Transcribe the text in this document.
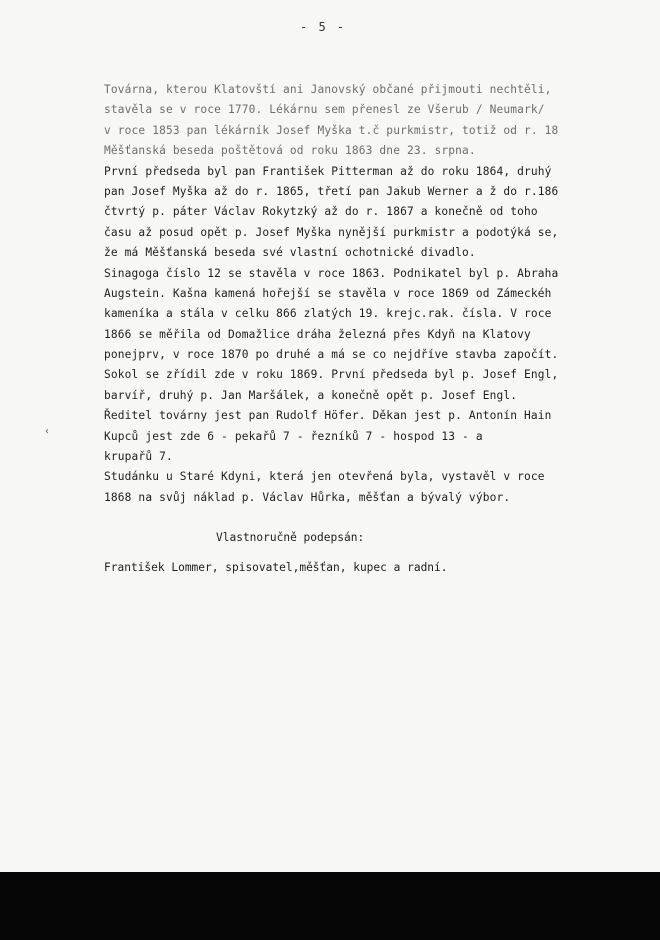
- 5 -
Továrna, kterou Klatovští ani Janovský občané přijmouti nechtěli,
stavěla se v roce 1770. Lékárnu sem přenesl ze Všerub / Neumark/
v roce 1853 pan lékárník Josef Myška t.č purkmistr, totiž od r. 18
Měšťanská beseda poštětová od roku 1863 dne 23. srpna.
První předseda byl pan František Pitterman až do roku 1864, druhý
pan Josef Myška až do r. 1865, třetí pan Jakub Werner a ž do r.186
čtvrtý p. páter Václav Rokytzký až do r. 1867 a konečně od toho
času až posud opět p. Josef Myška nynější purkmistr a podotýká se,
že má Měšťanská beseda své vlastní ochotnické divadlo.
Sinagoga číslo 12 se stavěla v roce 1863. Podnikatel byl p. Abraha
Augstein. Kašna kamená hořejší se stavěla v roce 1869 od Zámeckéh
kameníka a stála v celku 866 zlatých 19. krejc.rak. čísla. V roce
1866 se měřila od Domažlice dráha železná přes Kdyň na Klatovy
ponejprv, v roce 1870 po druhé a má se co nejdříve stavba započít.
Sokol se zřídil zde v roku 1869. První předseda byl p. Josef Engl,
barvíř, druhý p. Jan Maršálek, a konečně opět p. Josef Engl.
Ředitel továrny jest pan Rudolf Höfer. Děkan jest p. Antonín Hain
Kupců jest zde 6 - pekařů 7 - řezníků 7 - hospod 13 - a
krupařů 7.
Studánku u Staré Kdyni, která jen otevřená byla, vystavěl v roce
1868 na svůj náklad p. Václav Hůrka, měšťan a bývalý výbor.
‹
Vlastnoručně podepsán:
František Lommer, spisovatel,měšťan, kupec a radní.
